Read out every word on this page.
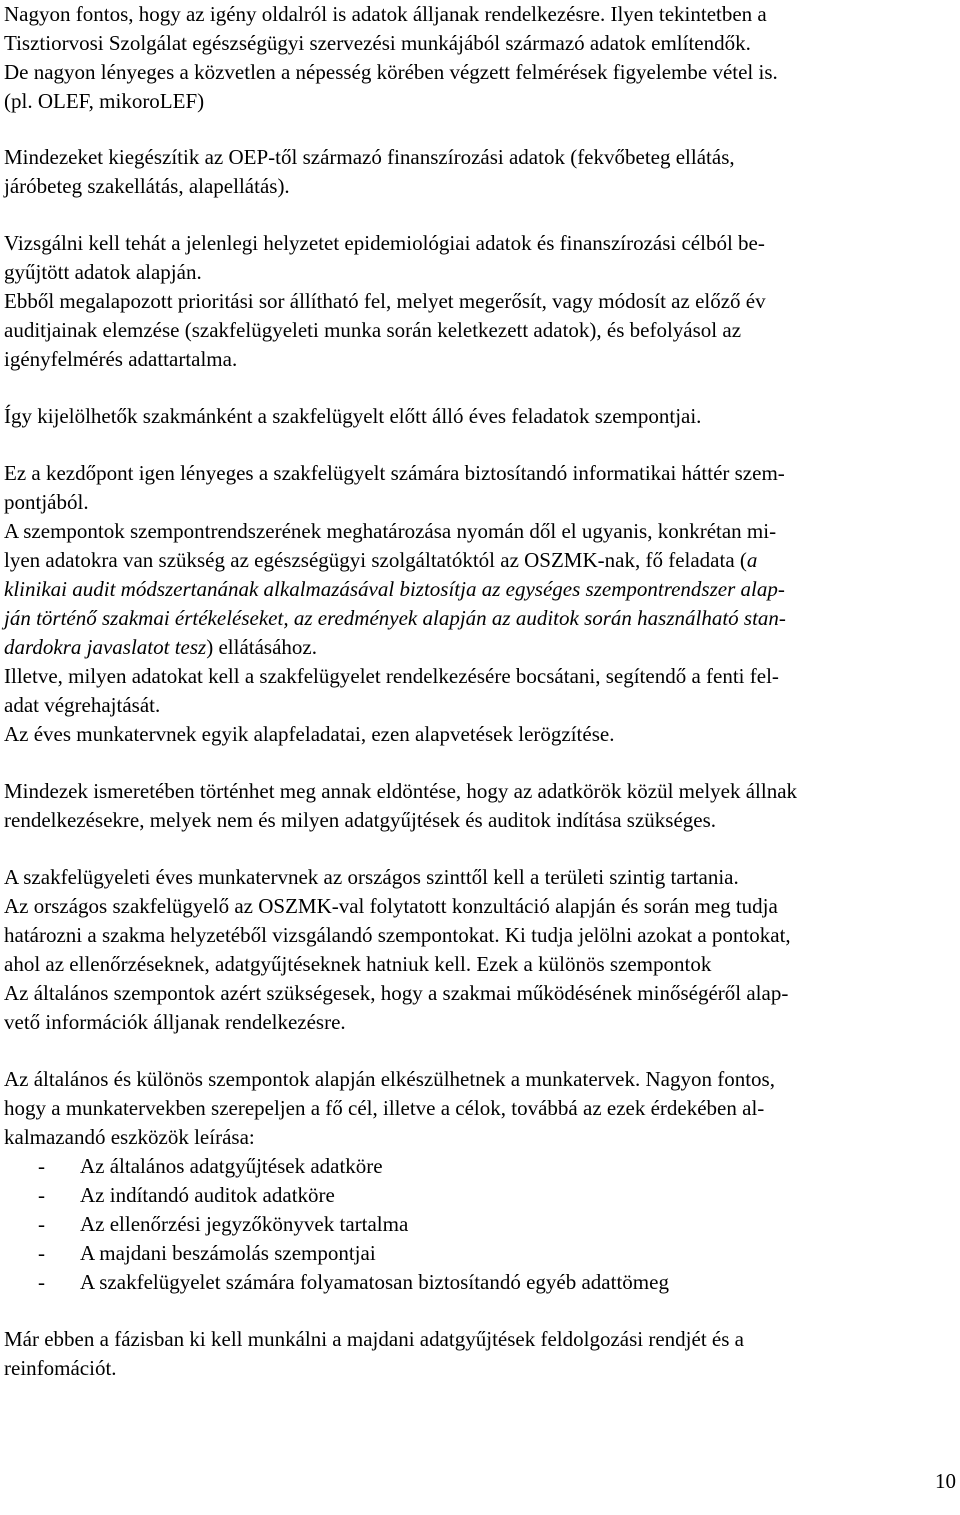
Nagyon fontos, hogy az igény oldalról is adatok álljanak rendelkezésre. Ilyen tekintetben a
Tisztiorvosi Szolgálat egészségügyi szervezési munkájából származó adatok említendők.
De nagyon lényeges a közvetlen a népesség körében végzett felmérések figyelembe vétel is.
(pl. OLEF, mikoroLEF)
Mindezeket kiegészítik az OEP-től származó finanszírozási adatok (fekvőbeteg ellátás,
járóbeteg szakellátás, alapellátás).
Vizsgálni kell tehát a jelenlegi helyzetet epidemiológiai adatok és finanszírozási célból be-
gyűjtött adatok alapján.
Ebből megalapozott prioritási sor állítható fel, melyet megerősít, vagy módosít az előző év
auditjainak elemzése (szakfelügyeleti munka során keletkezett adatok), és befolyásol az
igényfelmérés adattartalma.
Így kijelölhetők szakmánként a szakfelügyelt előtt álló éves feladatok szempontjai.
Ez a kezdőpont igen lényeges a szakfelügyelt számára biztosítandó informatikai háttér szem-
pontjából.
A szempontok szempontrendszerének meghatározása nyomán dől el ugyanis, konkrétan mi-
lyen adatokra van szükség az egészségügyi szolgáltatóktól az OSZMK-nak, fő feladata (a
klinikai audit módszertanának alkalmazásával biztosítja az egységes szempontrendszer alap-
ján történő szakmai értékeléseket, az eredmények alapján az auditok során használható stan-
dardokra javaslatot tesz) ellátásához.
Illetve, milyen adatokat kell a szakfelügyelet rendelkezésére bocsátani, segítendő a fenti fel-
adat végrehajtását.
Az éves munkatervnek egyik alapfeladatai, ezen alapvetések lerögzítése.
Mindezek ismeretében történhet meg annak eldöntése, hogy az adatkörök közül melyek állnak
rendelkezésekre, melyek nem és milyen adatgyűjtések és auditok indítása szükséges.
A szakfelügyeleti éves munkatervnek az országos szinttől kell a területi szintig tartania.
Az országos szakfelügyelő az OSZMK-val folytatott konzultáció alapján és során meg tudja
határozni a szakma helyzetéből vizsgálandó szempontokat. Ki tudja jelölni azokat a pontokat,
ahol az ellenőrzéseknek, adatgyűjtéseknek hatniuk kell. Ezek a különös szempontok
Az általános szempontok azért szükségesek, hogy a szakmai működésének minőségéről alap-
vető információk álljanak rendelkezésre.
Az általános és különös szempontok alapján elkészülhetnek a munkatervek. Nagyon fontos,
hogy a munkatervekben szerepeljen a fő cél, illetve a célok, továbbá az ezek érdekében al-
kalmazandó eszközök leírása:
- Az általános adatgyűjtések adatköre
- Az indítandó auditok adatköre
- Az ellenőrzési jegyzőkönyvek tartalma
- A majdani beszámolás szempontjai
- A szakfelügyelet számára folyamatosan biztosítandó egyéb adattömeg
Már ebben a fázisban ki kell munkálni a majdani adatgyűjtések feldolgozási rendjét és a
reinfomációt.
10
